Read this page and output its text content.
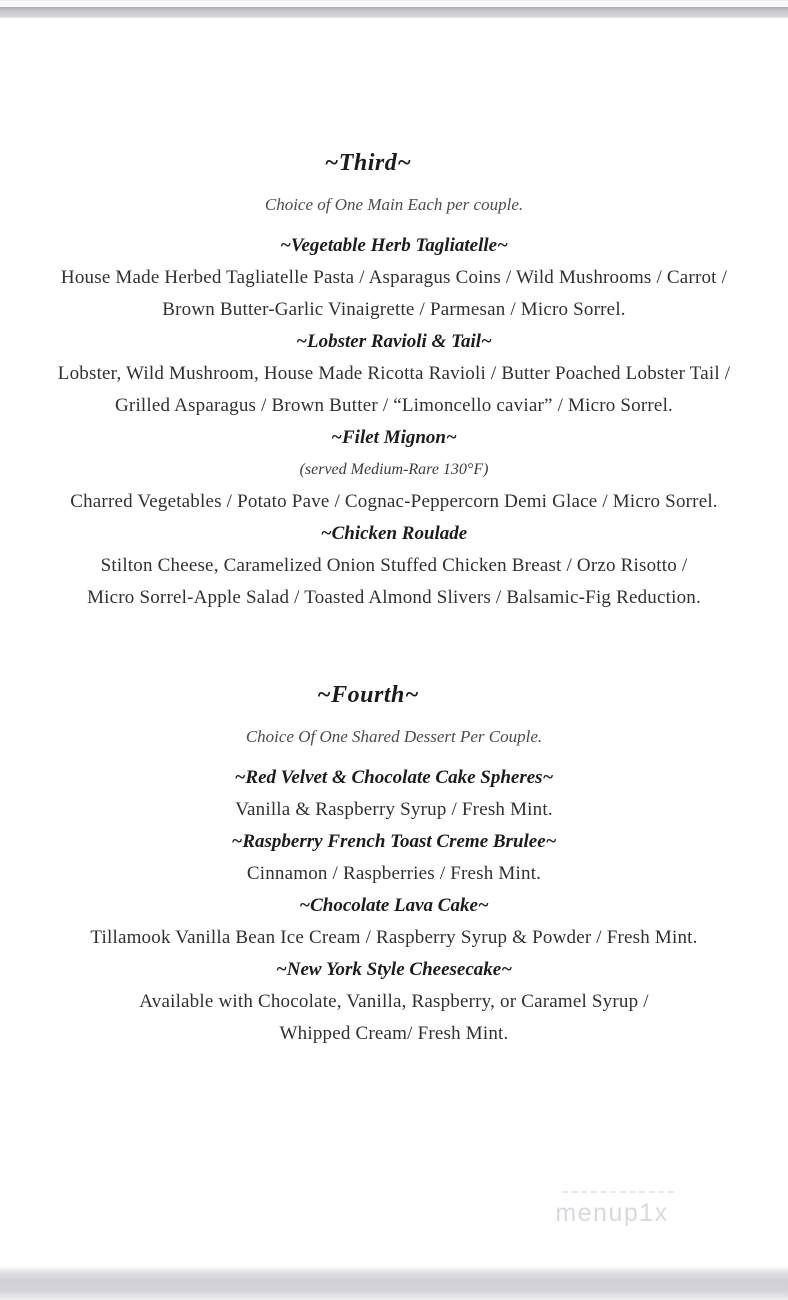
~Third~
Choice of One Main Each per couple.
~Vegetable Herb Tagliatelle~
House Made Herbed Tagliatelle Pasta / Asparagus Coins / Wild Mushrooms / Carrot /
Brown Butter-Garlic Vinaigrette / Parmesan / Micro Sorrel.
~Lobster Ravioli & Tail~
Lobster, Wild Mushroom, House Made Ricotta Ravioli / Butter Poached Lobster Tail /
Grilled Asparagus / Brown Butter / “Limoncello caviar” / Micro Sorrel.
~Filet Mignon~
(served Medium-Rare 130°F)
Charred Vegetables / Potato Pave / Cognac-Peppercorn Demi Glace / Micro Sorrel.
~Chicken Roulade
Stilton Cheese, Caramelized Onion Stuffed Chicken Breast / Orzo Risotto /
Micro Sorrel-Apple Salad / Toasted Almond Slivers / Balsamic-Fig Reduction.
~Fourth~
Choice Of One Shared Dessert Per Couple.
~Red Velvet & Chocolate Cake Spheres~
Vanilla & Raspberry Syrup / Fresh Mint.
~Raspberry French Toast Creme Brulee~
Cinnamon / Raspberries / Fresh Mint.
~Chocolate Lava Cake~
Tillamook Vanilla Bean Ice Cream / Raspberry Syrup & Powder / Fresh Mint.
~New York Style Cheesecake~
Available with Chocolate, Vanilla, Raspberry, or Caramel Syrup /
Whipped Cream/ Fresh Mint.
menup1x
